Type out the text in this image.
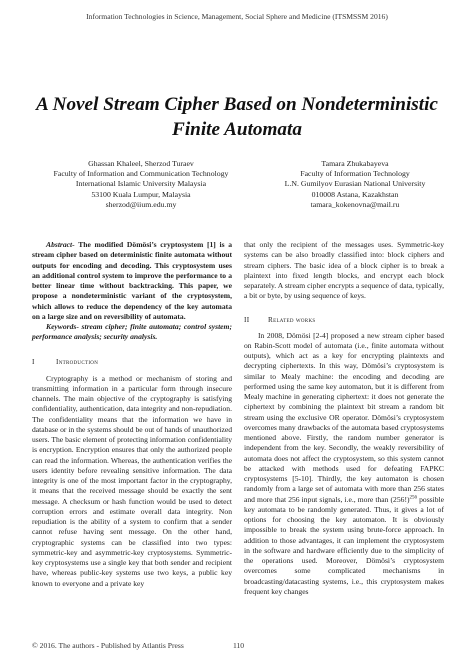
Information Technologies in Science, Management, Social Sphere and Medicine (ITSMSSM 2016)
A Novel Stream Cipher Based on Nondeterministic
Finite Automata
Ghassan Khaleel, Sherzod Turaev
Faculty of Information and Communication Technology
International Islamic University Malaysia
53100 Kuala Lumpur, Malaysia
sherzod@iium.edu.my
Tamara Zhukabayeva
Faculty of Information Technology
L.N. Gumilyov Eurasian National University
010008 Astana, Kazakhstan
tamara_kokenovna@mail.ru

Abstract- The modified Dömösi’s cryptosystem [1] is a stream cipher based on deterministic finite automata without outputs for encoding and decoding. This cryptosystem uses an additional control system to improve the performance to a better linear time without backtracking. This paper, we propose a nondeterministic variant of the cryptosystem, which allows to reduce the dependency of the key automata on a large size and on reversibility of automata.

Keywords- stream cipher; finite automata; control system; performance analysis; security analysis.

I	Introduction

Cryptography is a method or mechanism of storing and transmitting information in a particular form through insecure channels. The main objective of the cryptography is satisfying confidentiality, authentication, data integrity and non-repudiation. The confidentiality means that the information we have in database or in the systems should be out of hands of unauthorized users. The basic element of protecting information confidentiality is encryption. Encryption ensures that only the authorized people can read the information. Whereas, the authentication verifies the users identity before revealing sensitive information. The data integrity is one of the most important factor in the cryptography, it means that the received message should be exactly the sent message. A checksum or hash function would be used to detect corruption errors and estimate overall data integrity. Non repudiation is the ability of a system to confirm that a sender cannot refuse having sent message. On the other hand, cryptographic systems can be classified into two types: symmetric-key and asymmetric-key cryptosystems. Symmetric-key cryptosystems use a single key that both sender and recipient have, whereas public-key systems use two keys, a public key known to everyone and a private key

that only the recipient of the messages uses. Symmetric-key systems can be also broadly classified into: block ciphers and stream ciphers. The basic idea of a block cipher is to break a plaintext into fixed length blocks, and encrypt each block separately. A stream cipher encrypts a sequence of data, typically, a bit or byte, by using sequence of keys.

II	Related works

In 2008, Dömösi [2-4] proposed a new stream cipher based on Rabin-Scott model of automata (i.e., finite automata without outputs), which act as a key for encrypting plaintexts and decrypting ciphertexts. In this way, Dömösi’s cryptosystem is similar to Mealy machine: the encoding and decoding are performed using the same key automaton, but it is different from Mealy machine in generating ciphertext: it does not generate the ciphertext by combining the plaintext bit stream a random bit stream using the exclusive OR operator. Dömösi’s cryptosystem overcomes many drawbacks of the automata based cryptosystems mentioned above. Firstly, the random number generator is independent from the key. Secondly, the weakly reversibility of automata does not affect the cryptosystem, so this system cannot be attacked with methods used for defeating FAPKC cryptosystems [5-10]. Thirdly, the key automaton is chosen randomly from a large set of automata with more than 256 states and more that 256 input signals, i.e., more than $(256!)^{256}$ possible key automata to be randomly generated. Thus, it gives a lot of options for choosing the key automaton. It is obviously impossible to break the system using brute-force approach. In addition to those advantages, it can implement the cryptosystem in the software and hardware efficiently due to the simplicity of the operations used. Moreover, Dömösi’s cryptosystem overcomes some complicated mechanisms in broadcasting/datacasting systems, i.e., this cryptosystem makes frequent key changes

© 2016. The authors - Published by Atlantis Press	110
